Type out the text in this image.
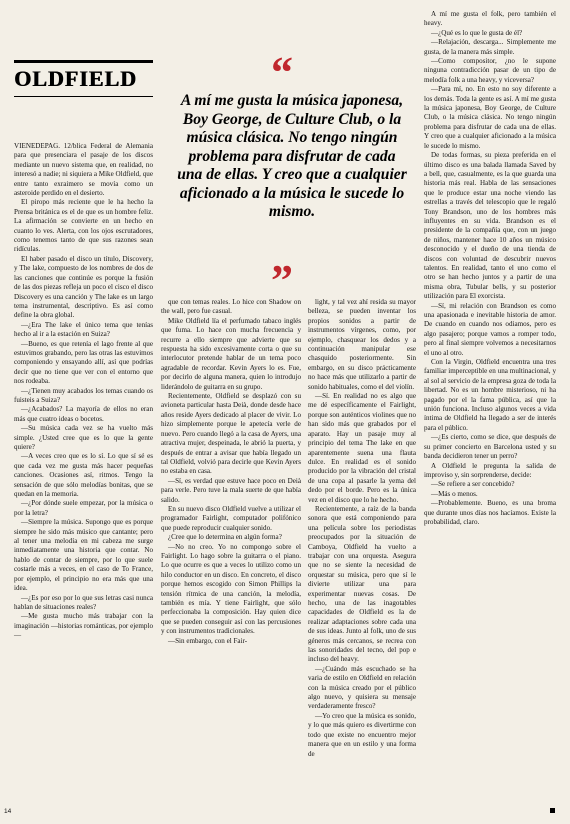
OLDFIELD	“
A mí me gusta la música japonesa, Boy George, de Culture Club, o la música clásica. No tengo ningún problema para disfrutar de cada una de ellas. Y creo que a cualquier aficionado a la música le sucede lo mismo.
”

VIENEDEPAG. 12/blica Federal de Alemania para que presenciara el pasaje de los discos mediante un nuevo sistema que, en realidad, no interesó a nadie; ni siquiera a Mike Oldfield, que entre tanto exraimero se movía como un asteroide perdido en el desierto.

El piropo más reciente que le ha hecho la Prensa británica es el de que es un hombre feliz. La afirmación se convierte en un hecho en cuanto lo ves. Alerta, con los ojos escrutadores, como tenemos tanto de que sus razones sean ridículas.

El haber pasado el disco un título, Discovery, y The lake, compuesto de los nombres de dos de las canciones que continúe es porque la fusión de las dos piezas refleja un poco el cisco el disco Discovery es una canción y The lake es un largo tema instrumental, descriptivo. Es así como define la obra global.

—¿Era The lake el único tema que tenías hecho al ir a la estación en Suiza?

—Bueno, es que retenía el lago frente al que estuvimos grabando, pero las otras las estuvimos componiendo y ensayando allí, así que podrías decir que no tiene que ver con el entorno que nos rodeaba.

—¿Tienen muy acabados los temas cuando os fuisteis a Suiza?

—¿Acabados? La mayoría de ellos no eran más que cuatro ideas o bocetos.

—Su música cada vez se ha vuelto más simple. ¿Usted cree que es lo que la gente quiere?

—A veces creo que es lo sí. Lo que sí sé es que cada vez me gusta más hacer pequeñas canciones. Ocasiones así, ritmos. Tengo la sensación de que sólo melodías bonitas, que se quedan en la memoria.

—¿Por dónde suele empezar, por la música o por la letra?

—Siempre la música. Supongo que es porque siempre he sido más músico que cantante; pero al tener una melodía en mi cabeza me surge inmediatamente una historia que contar. No hablo de contar de siempre, por lo que suele costarle más a veces, en el caso de To France, por ejemplo, el principio no era más que una idea.

—¿Es por eso por lo que sus letras casi nunca hablan de situaciones reales?

—Me gusta mucho más trabajar con la imaginación —historias románticas, por ejemplo—

que con temas reales. Lo hice con Shadow on the wall, pero fue casual.

Mike Oldfield lía el perfumado tabaco inglés que fuma. Lo hace con mucha frecuencia y recurre a ello siempre que advierte que su respuesta ha sido excesivamente corta o que su interlocutor pretende hablar de un tema poco agradable de recordar. Kevin Ayers lo es. Fue, por decirlo de alguna manera, quien lo introdujo liderándolo de guitarra en su grupo.

Recientemente, Oldfield se desplazó con su avioneta particular hasta Deià, donde desde hace años reside Ayers dedicado al placer de vivir. Lo hizo simplemente porque le apetecía verle de nuevo. Pero cuando llegó a la casa de Ayers, una atractiva mujer, despeinada, le abrió la puerta, y después de entrar a avisar que había llegado un tal Oldfield, volvió para decirle que Kevin Ayers no estaba en casa.

—Sí, es verdad que estuve hace poco en Deià para verle. Pero tuve la mala suerte de que había salido.

En su nuevo disco Oldfield vuelve a utilizar el programador Fairlight, computador polifónico que puede reproducir cualquier sonido.

¿Cree que lo determina en algún forma?

—No no creo. Yo no compongo sobre el Fairlight. Lo hago sobre la guitarra o el piano. Lo que ocurre es que a veces lo utilizo como un hilo conductor en un disco. En concreto, el disco porque hemos escogido con Simon Phillips la tensión rítmica de una canción, la melodía, también es mía. Y tiene Fairlight, que sólo perfeccionaba la composición. Hay quien dice que se pueden conseguir así con las percusiones y con instrumentos tradicionales.

—Sin embargo, con el Fair-

light, y tal vez ahí resida su mayor belleza, se pueden inventar los propios sonidos a partir de instrumentos vírgenes, como, por ejemplo, chasquear los dedos y a continuación manipular ese chasquido posteriormente. Sin embargo, en su disco prácticamente no hace más que utilizarlo a partir de sonido habituales, como el del violín.

—Sí. En realidad no es algo que me dé específicamente el Fairlight, porque son auténticos violines que no han sido más que grabados por el aparato. Hay un pasaje muy al principio del tema The lake en que aparentemente suena una flauta dulce. En realidad es el sonido producido por la vibración del cristal de una copa al pasarle la yema del dedo por el borde. Pero es la única vez en el disco que lo he hecho.

Recientemente, a raíz de la banda sonora que está componiendo para una película sobre los periodistas preocupados por la situación de Camboya, Oldfield ha vuelto a trabajar con una orquesta. Asegura que no se siente la necesidad de orquestar su música, pero que sí le divierte utilizar una para experimentar nuevas cosas. De hecho, una de las inagotables capacidades de Oldfield es la de realizar adaptaciones sobre cada una de sus ideas. Junto al folk, uno de sus géneros más cercanos, se recrea con las sonoridades del tecno, del pop e incluso del heavy.

—¿Cuándo más escuchado se ha varia de estilo en Oldfield en relación con la música creado por el público algo nuevo, y quisiera su mensaje verdaderamente fresco?

—Yo creo que la música es sonido, y lo que más quiero es divertirme con todo que existe no encuentro mejor manera que en un estilo y una forma de

A mí me gusta el folk, pero también el heavy.

—¿Qué es lo que le gusta de él?

—Relajación, descarga... Simplemente me gusta, de la manera más simple.

—Como compositor, ¿no le supone ninguna contradicción pasar de un tipo de melodía folk a una heavy, y viceversa?

—Para mí, no. En esto no soy diferente a los demás. Toda la gente es así. A mí me gusta la música japonesa, Boy George, de Culture Club, o la música clásica. No tengo ningún problema para disfrutar de cada una de ellas. Y creo que a cualquier aficionado a la música le sucede lo mismo.

De todas formas, su pieza preferida en el último disco es una balada llamada Saved by a bell, que, casualmente, es la que guarda una historia más real. Habla de las sensaciones que le produce estar una noche viendo las estrellas a través del telescopio que le regaló Tony Brandson, uno de los hombres más influyentes en su vida. Brandson es el presidente de la compañía que, con un juego de niños, mantener hace 10 años un músico desconocido y el dueño de una tienda de discos con voluntad de descubrir nuevos talentos. En realidad, tanto el uno como el otro se han hecho juntos y a partir de una misma obra, Tubular bells, y su posterior utilización para El exorcista.

—Sí, mi relación con Brandson es como una apasionada e inevitable historia de amor. De cuando en cuando nos odiamos, pero es algo pasajero; porque vamos a romper todo, pero al final siempre volvemos a necesitarnos el uno al otro.

Con la Virgin, Oldfield encuentra una tres familiar imperceptible en una multinacional, y al sol al servicio de la empresa goza de toda la libertad. No es un hombre misterioso, ni ha pagado por el la fama pública, así que la unión funciona. Incluso algunos veces a vida íntima de Oldfield ha llegado a ser de interés para el público.

—¿Es cierto, como se dice, que después de su primer concierto en Barcelona usted y su banda decidieron tener un perro?

A Oldfield le pregunta la salida de improviso y, sin sorprenderse, decide:

—Se refiere a ser concebido?

—Más o menos.

—Probablemente. Bueno, es una broma que durante unos días nos hacíamos. Existe la probabilidad, claro.

14
